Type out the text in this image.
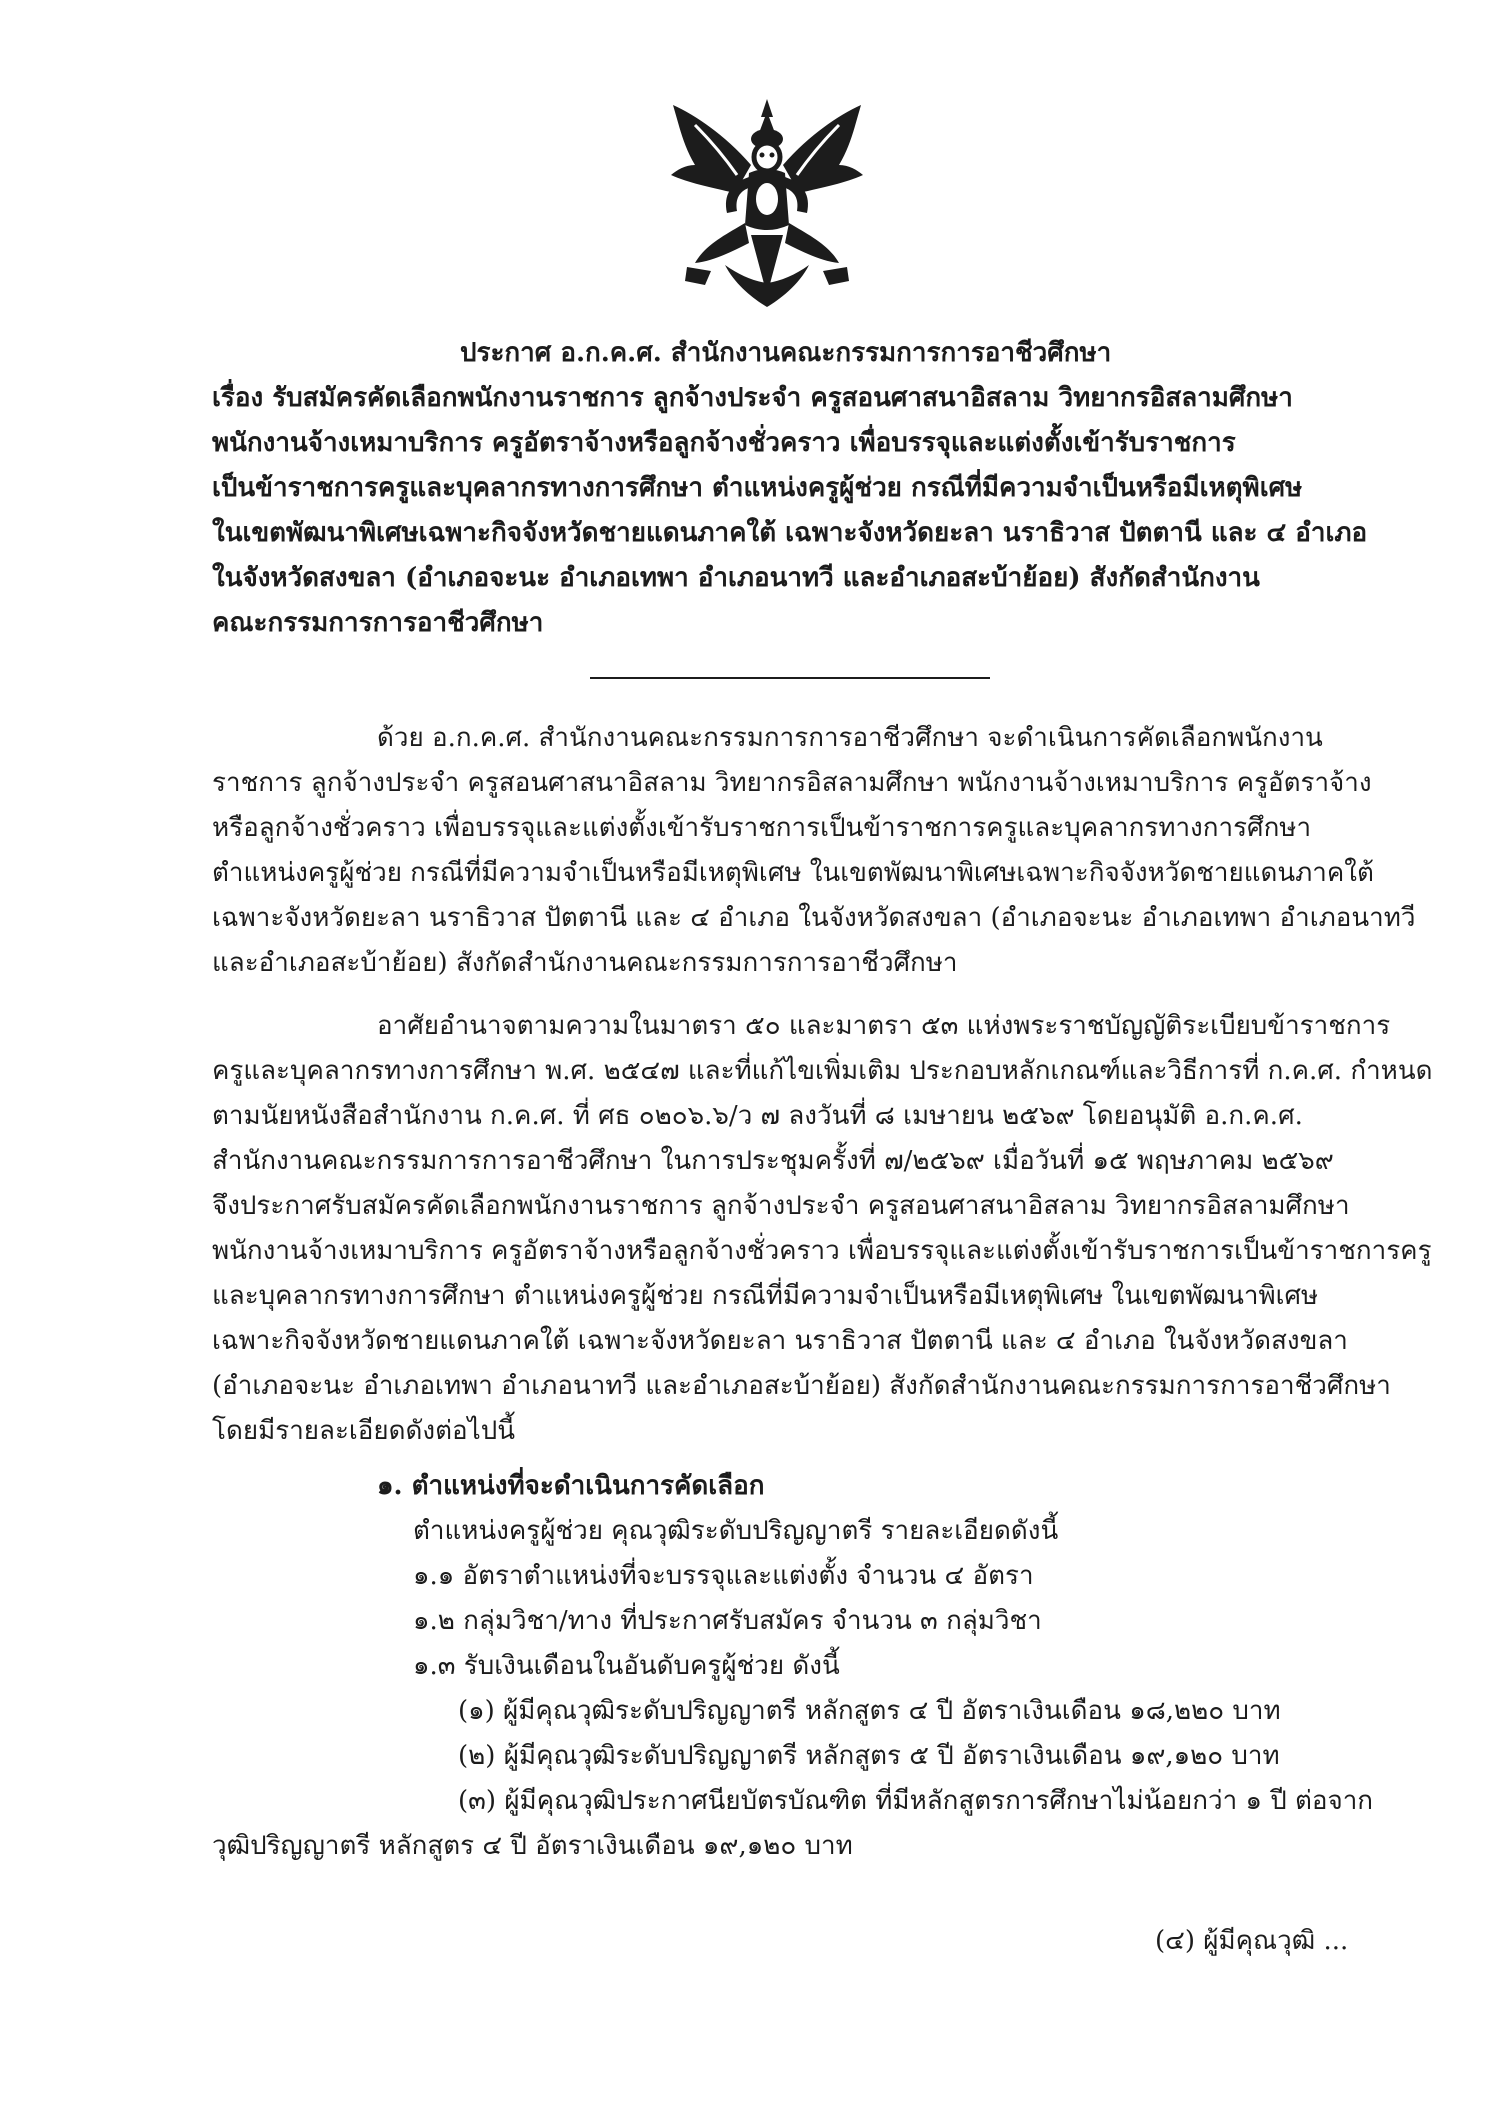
ประกาศ อ.ก.ค.ศ. สำนักงานคณะกรรมการการอาชีวศึกษา
เรื่อง รับสมัครคัดเลือกพนักงานราชการ ลูกจ้างประจำ ครูสอนศาสนาอิสลาม วิทยากรอิสลามศึกษา
พนักงานจ้างเหมาบริการ ครูอัตราจ้างหรือลูกจ้างชั่วคราว เพื่อบรรจุและแต่งตั้งเข้ารับราชการ
เป็นข้าราชการครูและบุคลากรทางการศึกษา ตำแหน่งครูผู้ช่วย กรณีที่มีความจำเป็นหรือมีเหตุพิเศษ
ในเขตพัฒนาพิเศษเฉพาะกิจจังหวัดชายแดนภาคใต้ เฉพาะจังหวัดยะลา นราธิวาส ปัตตานี และ ๔ อำเภอ
ในจังหวัดสงขลา (อำเภอจะนะ อำเภอเทพา อำเภอนาทวี และอำเภอสะบ้าย้อย) สังกัดสำนักงาน
คณะกรรมการการอาชีวศึกษา
ด้วย อ.ก.ค.ศ. สำนักงานคณะกรรมการการอาชีวศึกษา จะดำเนินการคัดเลือกพนักงาน
ราชการ ลูกจ้างประจำ ครูสอนศาสนาอิสลาม วิทยากรอิสลามศึกษา พนักงานจ้างเหมาบริการ ครูอัตราจ้าง
หรือลูกจ้างชั่วคราว เพื่อบรรจุและแต่งตั้งเข้ารับราชการเป็นข้าราชการครูและบุคลากรทางการศึกษา
ตำแหน่งครูผู้ช่วย กรณีที่มีความจำเป็นหรือมีเหตุพิเศษ ในเขตพัฒนาพิเศษเฉพาะกิจจังหวัดชายแดนภาคใต้
เฉพาะจังหวัดยะลา นราธิวาส ปัตตานี และ ๔ อำเภอ ในจังหวัดสงขลา (อำเภอจะนะ อำเภอเทพา อำเภอนาทวี
และอำเภอสะบ้าย้อย) สังกัดสำนักงานคณะกรรมการการอาชีวศึกษา
อาศัยอำนาจตามความในมาตรา ๕๐ และมาตรา ๕๓ แห่งพระราชบัญญัติระเบียบข้าราชการ
ครูและบุคลากรทางการศึกษา พ.ศ. ๒๕๔๗ และที่แก้ไขเพิ่มเติม ประกอบหลักเกณฑ์และวิธีการที่ ก.ค.ศ. กำหนด
ตามนัยหนังสือสำนักงาน ก.ค.ศ. ที่ ศธ ๐๒๐๖.๖/ว ๗ ลงวันที่ ๘ เมษายน ๒๕๖๙ โดยอนุมัติ อ.ก.ค.ศ.
สำนักงานคณะกรรมการการอาชีวศึกษา ในการประชุมครั้งที่ ๗/๒๕๖๙ เมื่อวันที่ ๑๕ พฤษภาคม ๒๕๖๙
จึงประกาศรับสมัครคัดเลือกพนักงานราชการ ลูกจ้างประจำ ครูสอนศาสนาอิสลาม วิทยากรอิสลามศึกษา
พนักงานจ้างเหมาบริการ ครูอัตราจ้างหรือลูกจ้างชั่วคราว เพื่อบรรจุและแต่งตั้งเข้ารับราชการเป็นข้าราชการครู
และบุคลากรทางการศึกษา ตำแหน่งครูผู้ช่วย กรณีที่มีความจำเป็นหรือมีเหตุพิเศษ ในเขตพัฒนาพิเศษ
เฉพาะกิจจังหวัดชายแดนภาคใต้ เฉพาะจังหวัดยะลา นราธิวาส ปัตตานี และ ๔ อำเภอ ในจังหวัดสงขลา
(อำเภอจะนะ อำเภอเทพา อำเภอนาทวี และอำเภอสะบ้าย้อย) สังกัดสำนักงานคณะกรรมการการอาชีวศึกษา
โดยมีรายละเอียดดังต่อไปนี้
๑. ตำแหน่งที่จะดำเนินการคัดเลือก
ตำแหน่งครูผู้ช่วย คุณวุฒิระดับปริญญาตรี รายละเอียดดังนี้
๑.๑ อัตราตำแหน่งที่จะบรรจุและแต่งตั้ง จำนวน ๔ อัตรา
๑.๒ กลุ่มวิชา/ทาง ที่ประกาศรับสมัคร จำนวน ๓ กลุ่มวิชา
๑.๓ รับเงินเดือนในอันดับครูผู้ช่วย ดังนี้
(๑) ผู้มีคุณวุฒิระดับปริญญาตรี หลักสูตร ๔ ปี อัตราเงินเดือน ๑๘,๒๒๐ บาท
(๒) ผู้มีคุณวุฒิระดับปริญญาตรี หลักสูตร ๕ ปี อัตราเงินเดือน ๑๙,๑๒๐ บาท
(๓) ผู้มีคุณวุฒิประกาศนียบัตรบัณฑิต ที่มีหลักสูตรการศึกษาไม่น้อยกว่า ๑ ปี ต่อจาก
วุฒิปริญญาตรี หลักสูตร ๔ ปี อัตราเงินเดือน ๑๙,๑๒๐ บาท
(๔) ผู้มีคุณวุฒิ ...
